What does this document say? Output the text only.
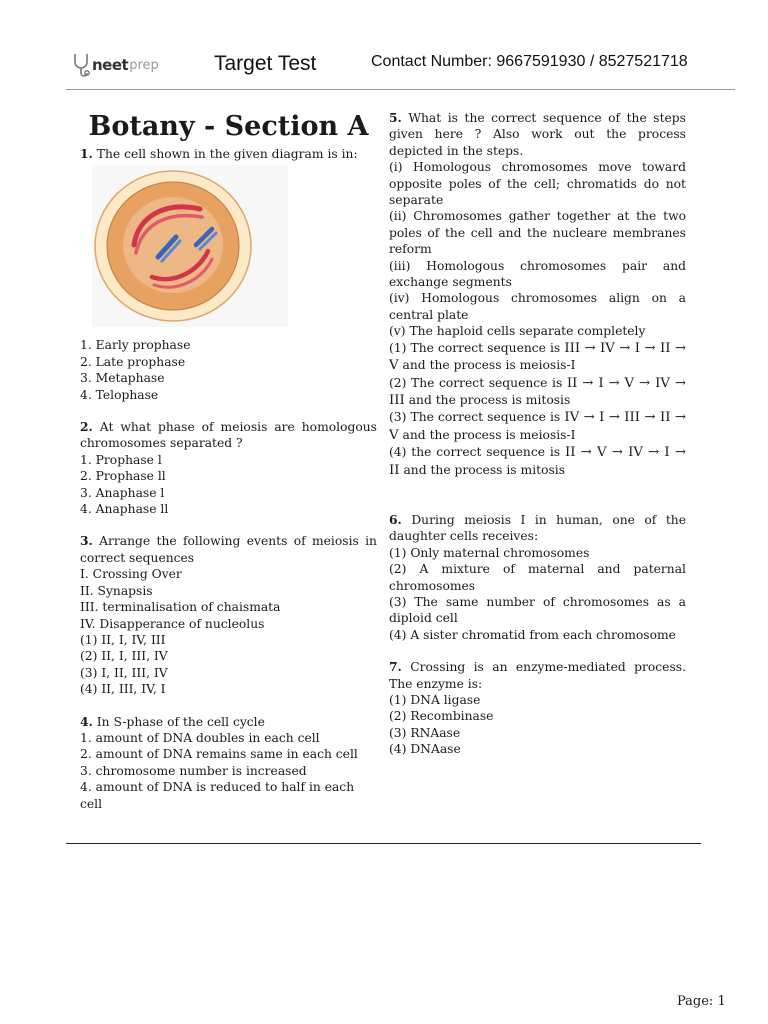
neet prep	Target Test	Contact Number: 9667591930 / 8527521718
Botany - Section A
1. The cell shown in the given diagram is in:
1. Early prophase
2. Late prophase
3. Metaphase
4. Telophase
2. At what phase of meiosis are homologous chromosomes separated ?
1. Prophase l
2. Prophase ll
3. Anaphase l
4. Anaphase ll
3. Arrange the following events of meiosis in correct sequences
I. Crossing Over
II. Synapsis
III. terminalisation of chaismata
IV. Disapperance of nucleolus
(1) II, I, IV, III
(2) II, I, III, IV
(3) I, II, III, IV
(4) II, III, IV, I
4. In S-phase of the cell cycle
1. amount of DNA doubles in each cell
2. amount of DNA remains same in each cell
3. chromosome number is increased
4. amount of DNA is reduced to half in each cell
5. What is the correct sequence of the steps given here ? Also work out the process depicted in the steps.
(i) Homologous chromosomes move toward opposite poles of the cell; chromatids do not separate
(ii) Chromosomes gather together at the two poles of the cell and the nucleare membranes reform
(iii) Homologous chromosomes pair and exchange segments
(iv) Homologous chromosomes align on a central plate
(v) The haploid cells separate completely
(1) The correct sequence is III → IV → I → II → V and the process is meiosis-I
(2) The correct sequence is II → I → V → IV → III and the process is mitosis
(3) The correct sequence is IV → I → III → II → V and the process is meiosis-I
(4) the correct sequence is II → V → IV → I → II and the process is mitosis
6. During meiosis I in human, one of the daughter cells receives:
(1) Only maternal chromosomes
(2) A mixture of maternal and paternal chromosomes
(3) The same number of chromosomes as a diploid cell
(4) A sister chromatid from each chromosome
7. Crossing is an enzyme-mediated process. The enzyme is:
(1) DNA ligase
(2) Recombinase
(3) RNAase
(4) DNAase
Page: 1
